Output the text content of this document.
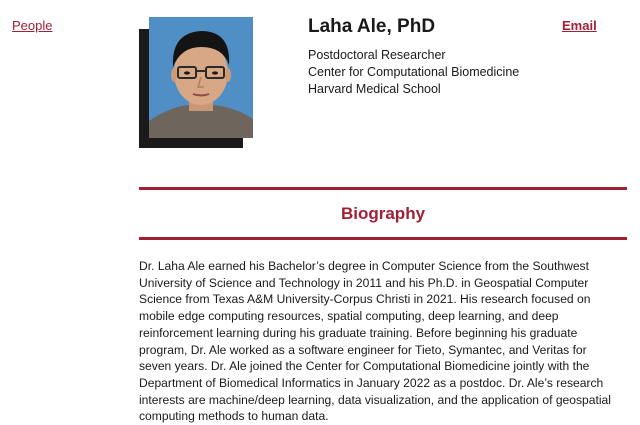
People	Laha Ale, PhD
Postdoctoral Researcher
Center for Computational Biomedicine
Harvard Medical School
Email
Biography
Dr. Laha Ale earned his Bachelor’s degree in Computer Science from the Southwest University of Science and Technology in 2011 and his Ph.D. in Geospatial Computer Science from Texas A&M University-Corpus Christi in 2021. His research focused on mobile edge computing resources, spatial computing, deep learning, and deep reinforcement learning during his graduate training. Before beginning his graduate program, Dr. Ale worked as a software engineer for Tieto, Symantec, and Veritas for seven years. Dr. Ale joined the Center for Computational Biomedicine jointly with the Department of Biomedical Informatics in January 2022 as a postdoc. Dr. Ale’s research interests are machine/deep learning, data visualization, and the application of geospatial computing methods to human data.
